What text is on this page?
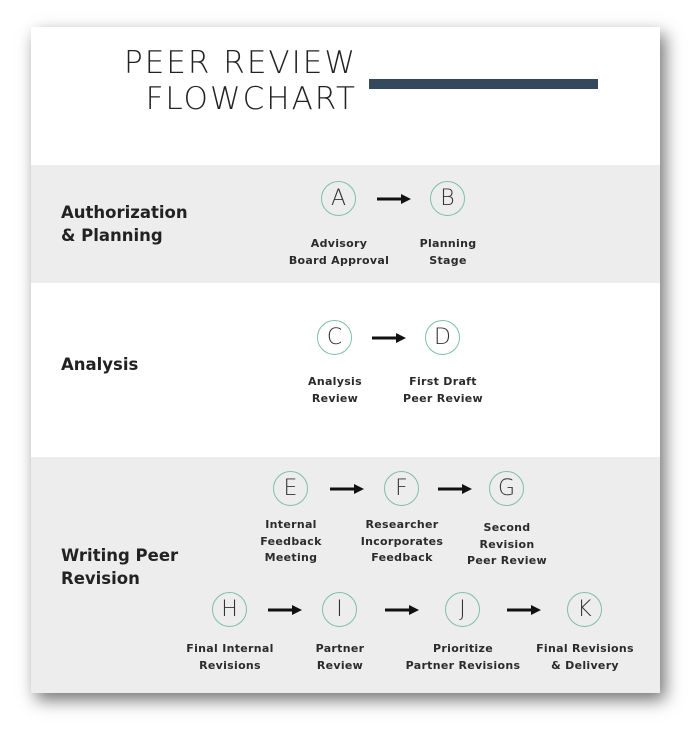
PEER REVIEW
FLOWCHART
Authorization
& Planning
Analysis
Writing Peer
Revision
A
Advisory
Board Approval
B
Planning
Stage
C
Analysis
Review
D
First Draft
Peer Review
E
Internal
Feedback
Meeting
F
Researcher
Incorporates
Feedback
G
Second
Revision
Peer Review
H
Final Internal
Revisions
I
Partner
Review
J
Prioritize
Partner Revisions
K
Final Revisions
& Delivery
